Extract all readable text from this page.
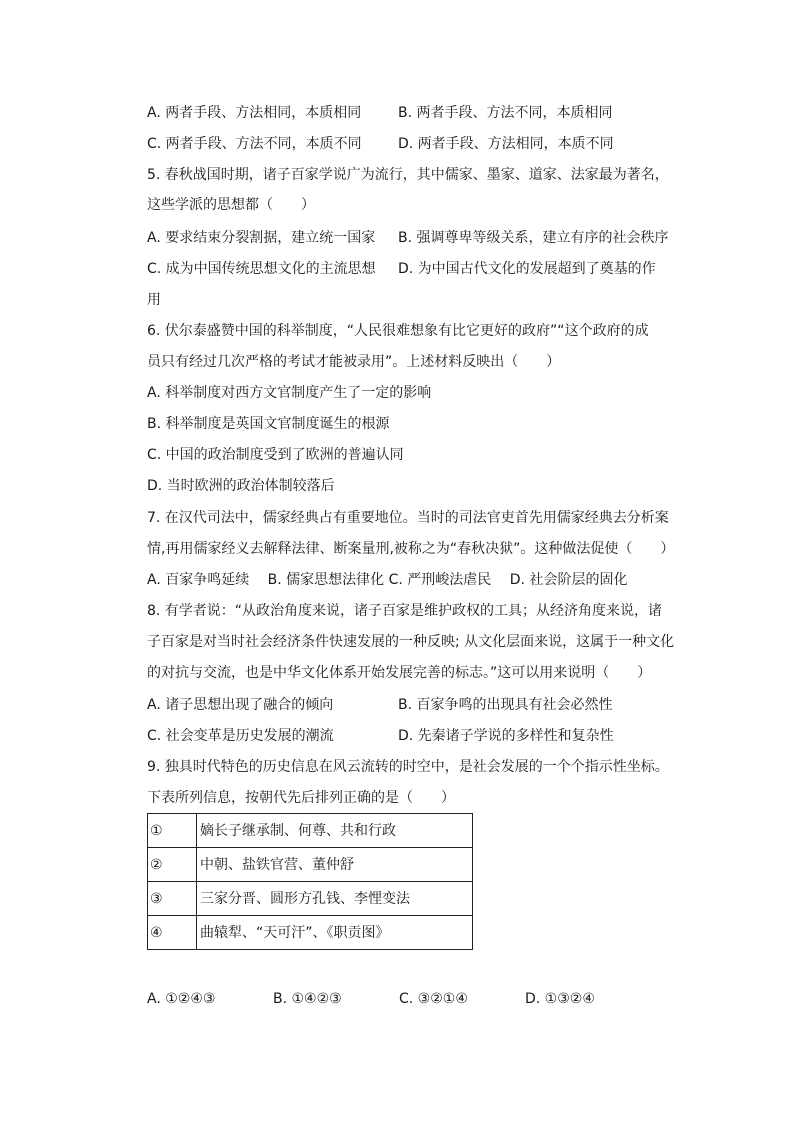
A. 两者手段、方法相同，本质相同	B. 两者手段、方法不同，本质相同
C. 两者手段、方法不同，本质不同	D. 两者手段、方法相同，本质不同
5. 春秋战国时期，诸子百家学说广为流行，其中儒家、墨家、道家、法家最为著名，
这些学派的思想都（　　）
A. 要求结束分裂割据，建立统一国家 B. 强调尊卑等级关系，建立有序的社会秩序
C. 成为中国传统思想文化的主流思想 D. 为中国古代文化的发展超到了奠基的作
用
6. 伏尔泰盛赞中国的科举制度，“人民很难想象有比它更好的政府”“这个政府的成
员只有经过几次严格的考试才能被录用”。上述材料反映出（　　）
A. 科举制度对西方文官制度产生了一定的影响
B. 科举制度是英国文官制度诞生的根源
C. 中国的政治制度受到了欧洲的普遍认同
D. 当时欧洲的政治体制较落后
7. 在汉代司法中，儒家经典占有重要地位。当时的司法官吏首先用儒家经典去分析案
情,再用儒家经义去解释法律、断案量刑,被称之为“春秋决狱”。这种做法促使（　　）
A. 百家争鸣延续　 B. 儒家思想法律化 C. 严刑峻法虐民　 D. 社会阶层的固化
8. 有学者说：“从政治角度来说，诸子百家是维护政权的工具；从经济角度来说，诸
子百家是对当时社会经济条件快速发展的一种反映; 从文化层面来说，这属于一种文化
的对抗与交流，也是中华文化体系开始发展完善的标志。”这可以用来说明（　　）
A. 诸子思想出现了融合的倾向	B. 百家争鸣的出现具有社会必然性
C. 社会变革是历史发展的潮流	D. 先秦诸子学说的多样性和复杂性
9. 独具时代特色的历史信息在风云流转的时空中，是社会发展的一个个指示性坐标。
下表所列信息，按朝代先后排列正确的是（　　）
①	嫡长子继承制、何尊、共和行政
②	中朝、盐铁官营、董仲舒
③	三家分晋、圆形方孔钱、李悝变法
④	曲辕犁、“天可汗”、《职贡图》
A. ①②④③	B. ①④②③	C. ③②①④	D. ①③②④
